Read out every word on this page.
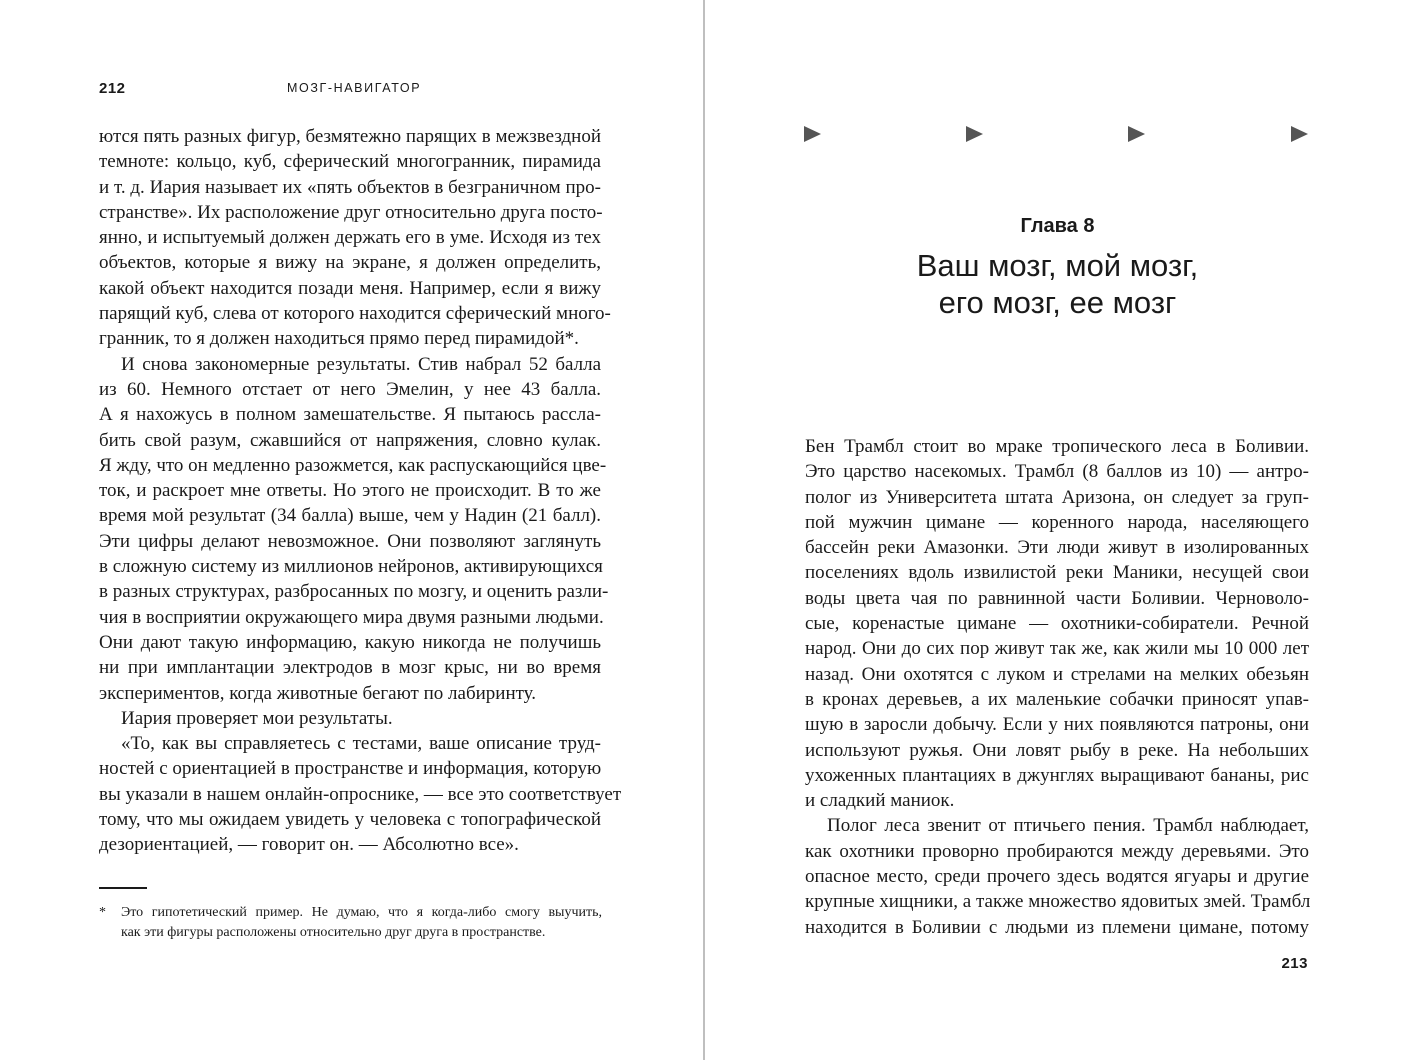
212	МОЗГ-НАВИГАТОР
ются пять разных фигур, безмятежно парящих в межзвездной
темноте: кольцо, куб, сферический многогранник, пирамида
и т. д. Иария называет их «пять объектов в безграничном про-
странстве». Их расположение друг относительно друга посто-
янно, и испытуемый должен держать его в уме. Исходя из тех
объектов, которые я вижу на экране, я должен определить,
какой объект находится позади меня. Например, если я вижу
парящий куб, слева от которого находится сферический много-
гранник, то я должен находиться прямо перед пирамидой*.
И снова закономерные результаты. Стив набрал 52 балла
из 60. Немного отстает от него Эмелин, у нее 43 балла.
А я нахожусь в полном замешательстве. Я пытаюсь рассла-
бить свой разум, сжавшийся от напряжения, словно кулак.
Я жду, что он медленно разожмется, как распускающийся цве-
ток, и раскроет мне ответы. Но этого не происходит. В то же
время мой результат (34 балла) выше, чем у Надин (21 балл).
Эти цифры делают невозможное. Они позволяют заглянуть
в сложную систему из миллионов нейронов, активирующихся
в разных структурах, разбросанных по мозгу, и оценить разли-
чия в восприятии окружающего мира двумя разными людьми.
Они дают такую информацию, какую никогда не получишь
ни при имплантации электродов в мозг крыс, ни во время
экспериментов, когда животные бегают по лабиринту.
Иария проверяет мои результаты.
«То, как вы справляетесь с тестами, ваше описание труд-
ностей с ориентацией в пространстве и информация, которую
вы указали в нашем онлайн-опроснике, — все это соответствует
тому, что мы ожидаем увидеть у человека с топографической
дезориентацией, — говорит он. — Абсолютно все».
*	Это гипотетический пример. Не думаю, что я когда-либо смогу выучить,
как эти фигуры расположены относительно друг друга в пространстве.
Глава 8
Ваш мозг, мой мозг,
его мозг, ее мозг
Бен Трамбл стоит во мраке тропического леса в Боливии.
Это царство насекомых. Трамбл (8 баллов из 10) — антро-
полог из Университета штата Аризона, он следует за груп-
пой мужчин цимане — коренного народа, населяющего
бассейн реки Амазонки. Эти люди живут в изолированных
поселениях вдоль извилистой реки Маники, несущей свои
воды цвета чая по равнинной части Боливии. Черноволо-
сые, коренастые цимане — охотники-собиратели. Речной
народ. Они до сих пор живут так же, как жили мы 10 000 лет
назад. Они охотятся с луком и стрелами на мелких обезьян
в кронах деревьев, а их маленькие собачки приносят упав-
шую в заросли добычу. Если у них появляются патроны, они
используют ружья. Они ловят рыбу в реке. На небольших
ухоженных плантациях в джунглях выращивают бананы, рис
и сладкий маниок.
Полог леса звенит от птичьего пения. Трамбл наблюдает,
как охотники проворно пробираются между деревьями. Это
опасное место, среди прочего здесь водятся ягуары и другие
крупные хищники, а также множество ядовитых змей. Трамбл
находится в Боливии с людьми из племени цимане, потому
213
